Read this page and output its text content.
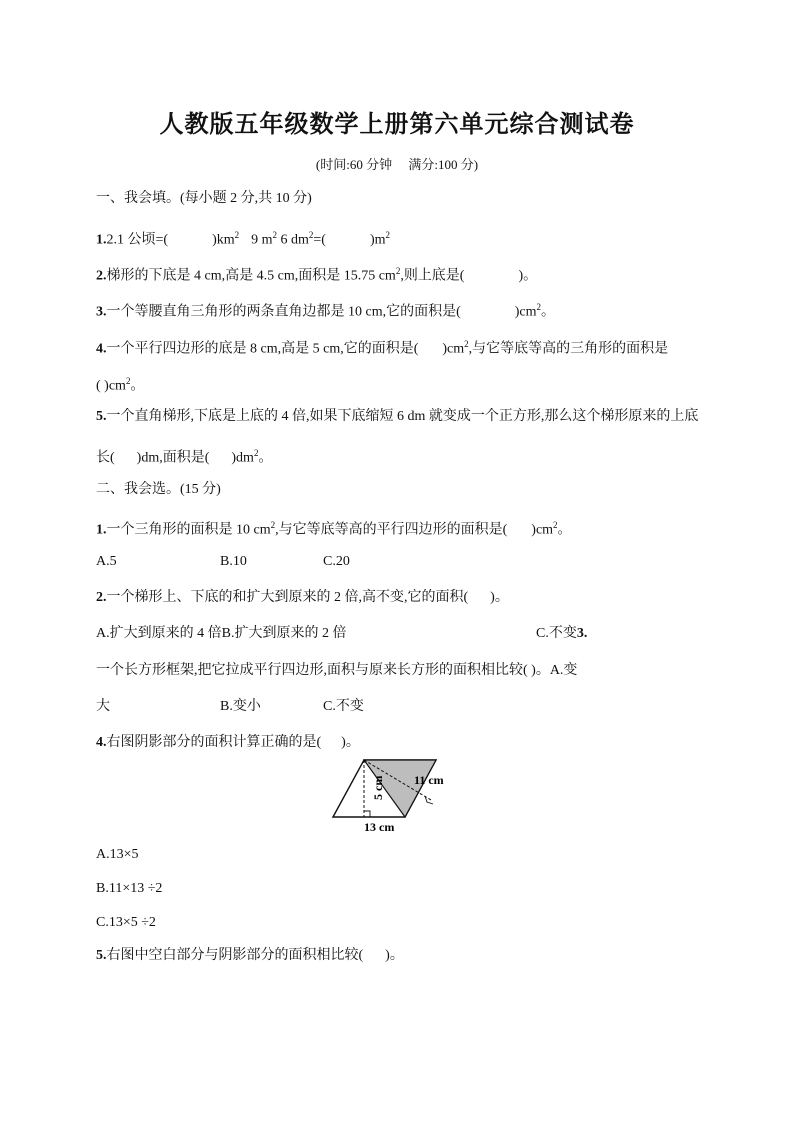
人教版五年级数学上册第六单元综合测试卷
(时间:60 分钟　 满分:100 分)
一、我会填。(每小题 2 分,共 10 分)
1.2.1 公顷=(	)$km^2$ 9 $m^2$ 6 $dm^2=$(	)$m^2$
2.梯形的下底是 4 cm,高是 4.5 cm,面积是 15.75 $cm^2$,则上底是(	)。
3.一个等腰直角三角形的两条直角边都是 10 cm,它的面积是(	)$cm^2$。
4.一个平行四边形的底是 8 cm,高是 5 cm,它的面积是( )$cm^2$,与它等底等高的三角形的面积是
( )$cm^2$。
5.一个直角梯形,下底是上底的 4 倍,如果下底缩短 6 dm 就变成一个正方形,那么这个梯形原来的上底
长( )dm,面积是( )$dm^2$。
二、我会选。(15 分)
1.一个三角形的面积是 10 $cm^2$,与它等底等高的平行四边形的面积是( )$cm^2$。
A.5	B.10	C.20
2.一个梯形上、下底的和扩大到原来的 2 倍,高不变,它的面积( )。
A.扩大到原来的 4 倍B.扩大到原来的 2 倍	C.不变3.
一个长方形框架,把它拉成平行四边形,面积与原来长方形的面积相比较( )。A.变
大	B.变小	C.不变
4.右图阴影部分的面积计算正确的是( )。
5 cm 11 cm
13 cm
A.13×5
B.11×13 ÷2
C.13×5 ÷2
5.右图中空白部分与阴影部分的面积相比较( )。
